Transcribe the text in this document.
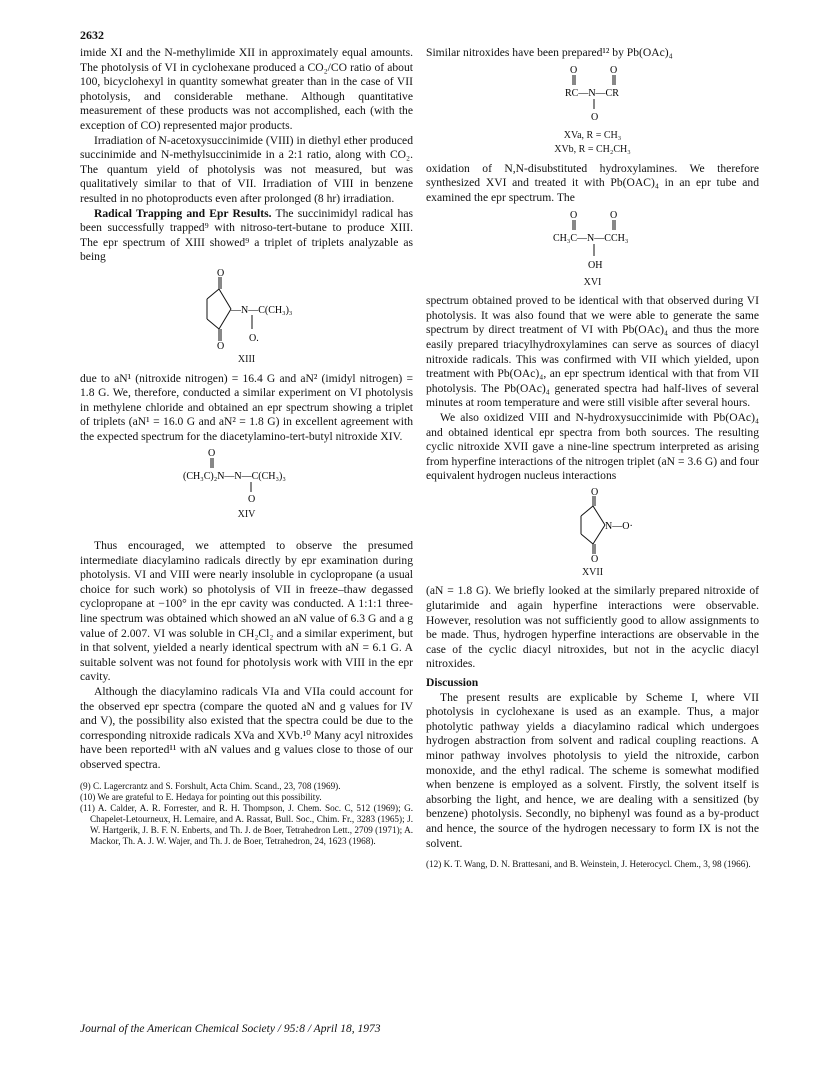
2632

imide XI and the N-methylimide XII in approximately equal amounts. The photolysis of VI in cyclohexane produced a CO₂/CO ratio of about 100, bicyclohexyl in quantity somewhat greater than in the case of VII photolysis, and considerable methane. Although quantitative measurement of these products was not accomplished, each (with the exception of CO) represented major products.

Irradiation of N-acetoxysuccinimide (VIII) in diethyl ether produced succinimide and N-methylsuccinimide in a 2:1 ratio, along with CO₂. The quantum yield of photolysis was not measured, but was qualitatively similar to that of VII. Irradiation of VIII in benzene resulted in no photoproducts even after prolonged (8 hr) irradiation.

Radical Trapping and Epr Results. The succinimidyl radical has been successfully trapped⁹ with nitroso-tert-butane to produce XIII. The epr spectrum of XIII showed⁹ a triplet of triplets analyzable as being

O
O
—N—C(CH₃)₃
O.
XIII

due to aN¹ (nitroxide nitrogen) = 16.4 G and aN² (imidyl nitrogen) = 1.8 G. We, therefore, conducted a similar experiment on VI photolysis in methylene chloride and obtained an epr spectrum showing a triplet of triplets (aN¹ = 16.0 G and aN² = 1.8 G) in excellent agreement with the expected spectrum for the diacetylamino-tert-butyl nitroxide XIV.

O
(CH₃C)₂N—N—C(CH₃)₃
O
XIV

Thus encouraged, we attempted to observe the presumed intermediate diacylamino radicals directly by epr examination during photolysis. VI and VIII were nearly insoluble in cyclopropane (a usual choice for such work) so photolysis of VII in freeze–thaw degassed cyclopropane at −100° in the epr cavity was conducted. A 1:1:1 three-line spectrum was obtained which showed an aN value of 6.3 G and a g value of 2.007. VI was soluble in CH₂Cl₂ and a similar experiment, but in that solvent, yielded a nearly identical spectrum with aN = 6.1 G. A suitable solvent was not found for photolysis work with VIII in the epr cavity.

Although the diacylamino radicals VIa and VIIa could account for the observed epr spectra (compare the quoted aN and g values for IV and V), the possibility also existed that the spectra could be due to the corresponding nitroxide radicals XVa and XVb.¹⁰ Many acyl nitroxides have been reported¹¹ with aN values and g values close to those of our observed spectra.

(9) C. Lagercrantz and S. Forshult, Acta Chim. Scand., 23, 708 (1969).
(10) We are grateful to E. Hedaya for pointing out this possibility.
(11) A. Calder, A. R. Forrester, and R. H. Thompson, J. Chem. Soc. C, 512 (1969); G. Chapelet-Letourneux, H. Lemaire, and A. Rassat, Bull. Soc., Chim. Fr., 3283 (1965); J. W. Hartgerik, J. B. F. N. Enberts, and Th. J. de Boer, Tetrahedron Lett., 2709 (1971); A. Mackor, Th. A. J. W. Wajer, and Th. J. de Boer, Tetrahedron, 24, 1623 (1968).

Similar nitroxides have been prepared¹² by Pb(OAc)₄

O	O
RC—N—CR
O
XVa, R = CH₃
XVb, R = CH₂CH₃

oxidation of N,N-disubstituted hydroxylamines. We therefore synthesized XVI and treated it with Pb(OAC)₄ in an epr tube and examined the epr spectrum. The

O	O
CH₃C—N—CCH₃
OH
XVI

spectrum obtained proved to be identical with that observed during VI photolysis. It was also found that we were able to generate the same spectrum by direct treatment of VI with Pb(OAc)₄ and thus the more easily prepared triacylhydroxylamines can serve as sources of diacyl nitroxide radicals. This was confirmed with VII which yielded, upon treatment with Pb(OAc)₄, an epr spectrum identical with that from VII photolysis. The Pb(OAc)₄ generated spectra had half-lives of several minutes at room temperature and were still visible after several hours.

We also oxidized VIII and N-hydroxysuccinimide with Pb(OAc)₄ and obtained identical epr spectra from both sources. The resulting cyclic nitroxide XVII gave a nine-line spectrum interpreted as arising from hyperfine interactions of the nitrogen triplet (aN = 3.6 G) and four equivalent hydrogen nucleus interactions

O
O
N—O·
XVII

(aN = 1.8 G). We briefly looked at the similarly prepared nitroxide of glutarimide and again hyperfine interactions were observable. However, resolution was not sufficiently good to allow assignments to be made. Thus, hydrogen hyperfine interactions are observable in the case of the cyclic diacyl nitroxides, but not in the acyclic diacyl nitroxides.

Discussion

The present results are explicable by Scheme I, where VII photolysis in cyclohexane is used as an example. Thus, a major photolytic pathway yields a diacylamino radical which undergoes hydrogen abstraction from solvent and radical coupling reactions. A minor pathway involves photolysis to yield the nitroxide, carbon monoxide, and the ethyl radical. The scheme is somewhat modified when benzene is employed as a solvent. Firstly, the solvent itself is absorbing the light, and hence, we are dealing with a sensitized (by benzene) photolysis. Secondly, no biphenyl was found as a by-product and hence, the source of the hydrogen necessary to form IX is not the solvent.

(12) K. T. Wang, D. N. Brattesani, and B. Weinstein, J. Heterocycl. Chem., 3, 98 (1966).
Journal of the American Chemical Society / 95:8 / April 18, 1973
